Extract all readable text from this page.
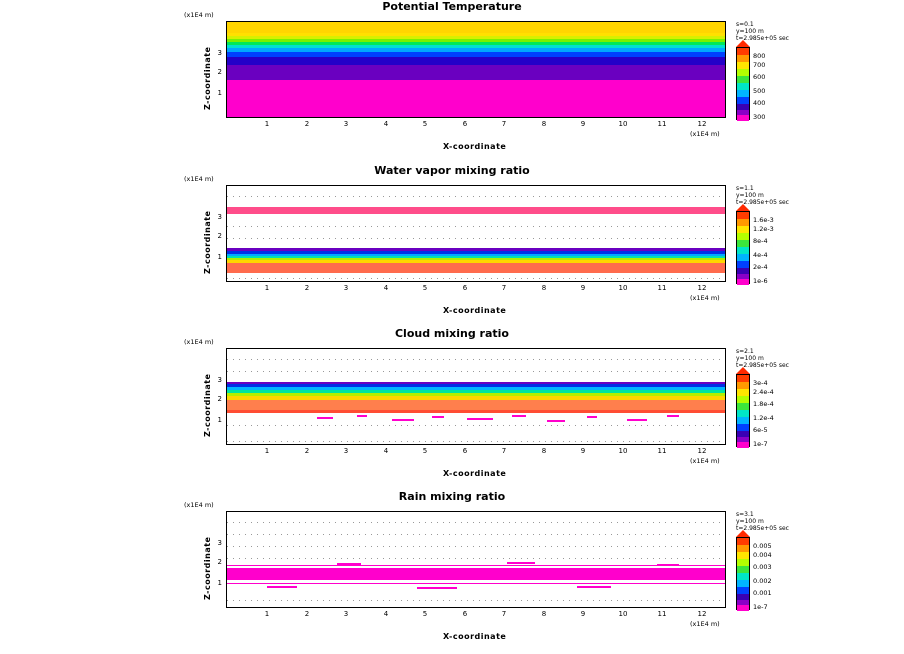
Potential Temperature
(x1E4 m)
Z-coordinate 3
2
1
1	2	3	4	5	6	7	8	9	10	11	12
(x1E4 m)
X-coordinate
s=0.1
y=100 m
t=2.985e+05 sec
800
700
600
500
400
300
Water vapor mixing ratio
(x1E4 m)
Z-coordinate 3
2
1
1	2	3	4	5	6	7	8	9	10	11	12
(x1E4 m)
X-coordinate
s=1.1
y=100 m
t=2.985e+05 sec
1.6e-3
1.2e-3
8e-4
4e-4
2e-4
1e-6
Cloud mixing ratio
(x1E4 m)
Z-coordinate 3
2
1
1	2	3	4	5	6	7	8	9	10	11	12
(x1E4 m)
X-coordinate
s=2.1
y=100 m
t=2.985e+05 sec
3e-4
2.4e-4
1.8e-4
1.2e-4
6e-5
1e-7
Rain mixing ratio
(x1E4 m)
Z-coordinate 3
2
1
1	2	3	4	5	6	7	8	9	10	11	12
(x1E4 m)
X-coordinate
s=3.1
y=100 m
t=2.985e+05 sec
0.005
0.004
0.003
0.002
0.001
1e-7
